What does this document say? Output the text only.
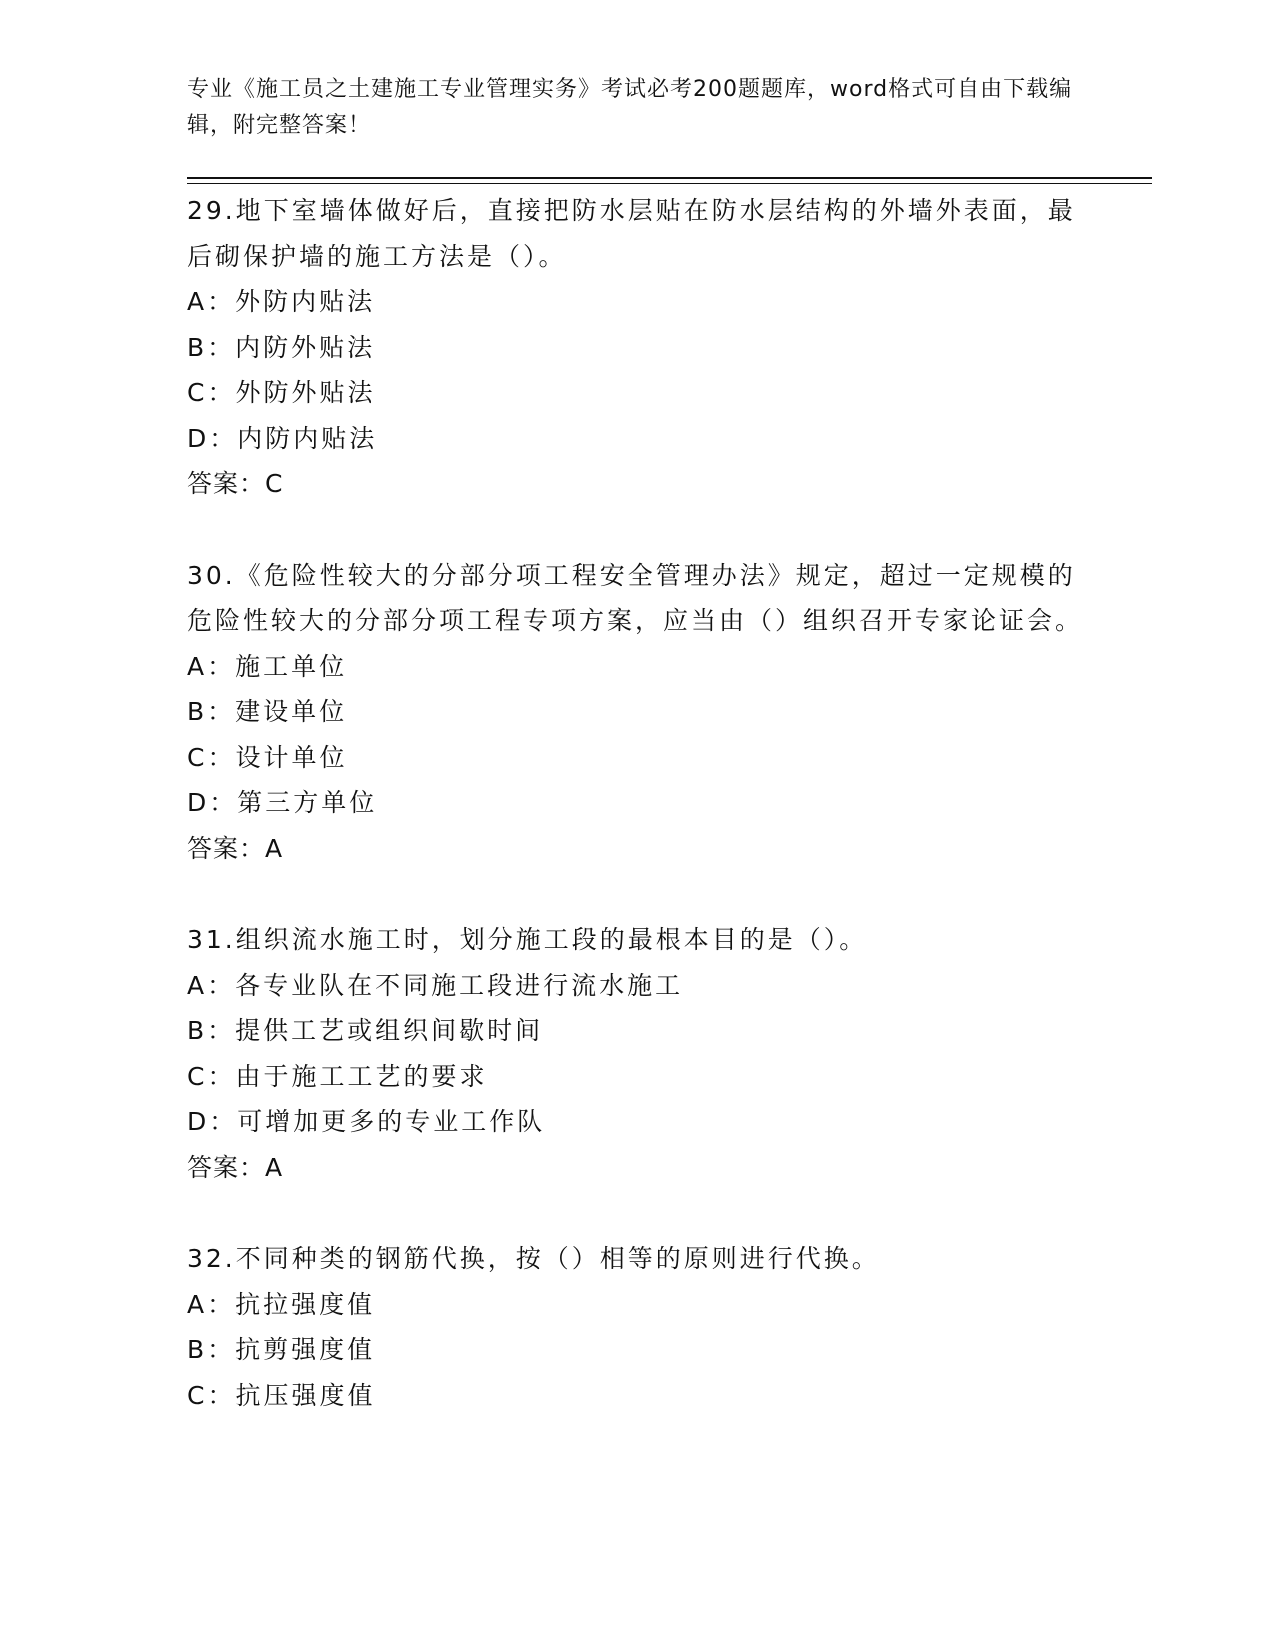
专业《施工员之土建施工专业管理实务》考试必考200题题库，word格式可自由下载编辑，附完整答案！
29.地下室墙体做好后，直接把防水层贴在防水层结构的外墙外表面，最后砌保护墙的施工方法是（）。
A：外防内贴法
B：内防外贴法
C：外防外贴法
D：内防内贴法
答案：C
30.《危险性较大的分部分项工程安全管理办法》规定，超过一定规模的危险性较大的分部分项工程专项方案，应当由（）组织召开专家论证会。
A：施工单位
B：建设单位
C：设计单位
D：第三方单位
答案：A
31.组织流水施工时，划分施工段的最根本目的是（）。
A：各专业队在不同施工段进行流水施工
B：提供工艺或组织间歇时间
C：由于施工工艺的要求
D：可增加更多的专业工作队
答案：A
32.不同种类的钢筋代换，按（）相等的原则进行代换。
A：抗拉强度值
B：抗剪强度值
C：抗压强度值
